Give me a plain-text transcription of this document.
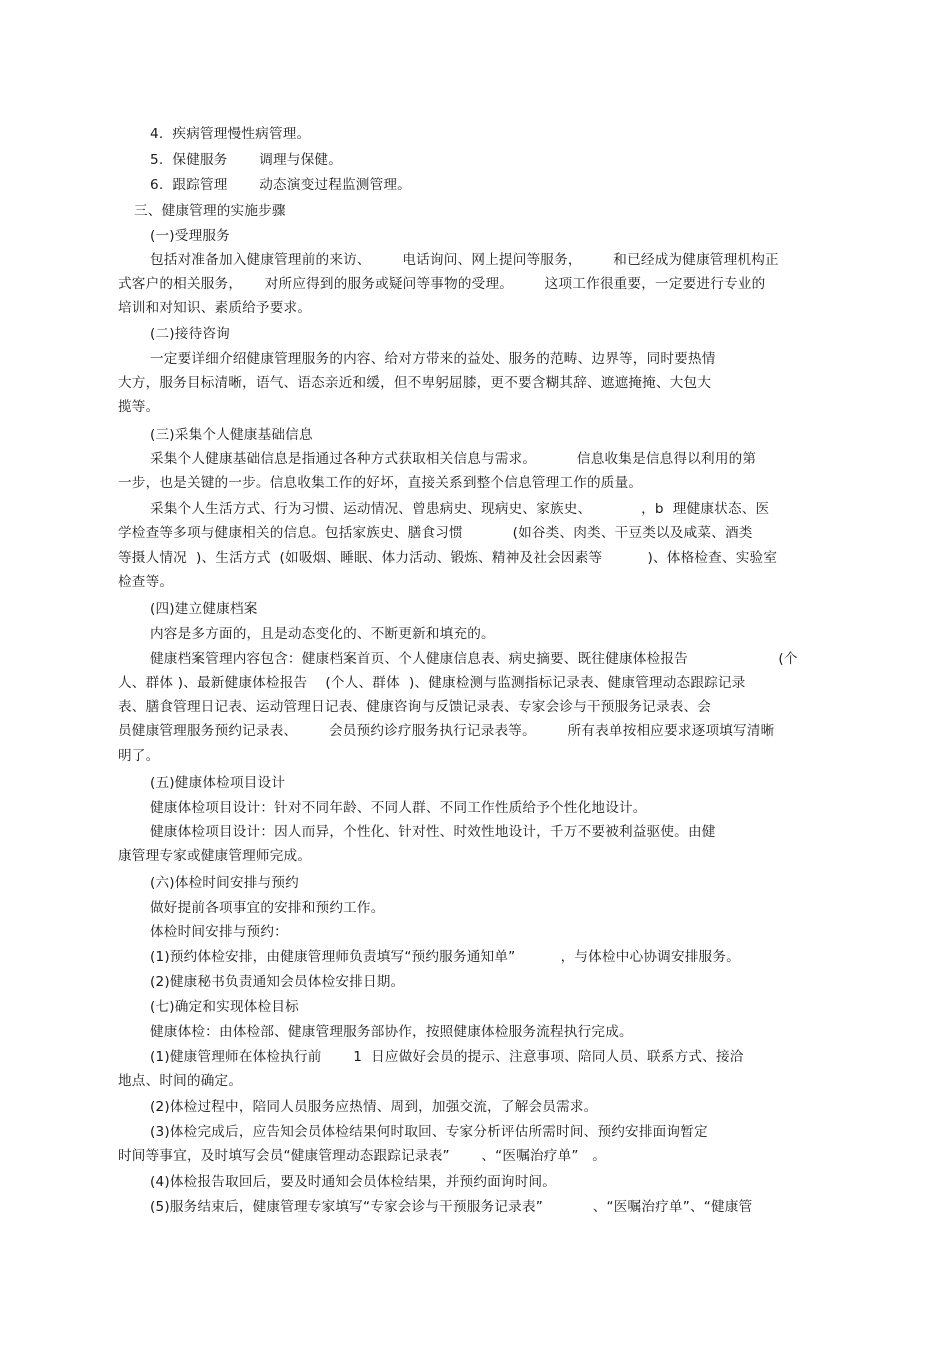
4.  疾病管理慢性病管理。

5.  保健服务       调理与保健。

6.  跟踪管理       动态演变过程监测管理。

三、健康管理的实施步骤

(一)受理服务

包括对准备加入健康管理前的来访、       电话询问、网上提问等服务，       和已经成为健康管理机构正

式客户的相关服务，     对所应得到的服务或疑问等事物的受理。       这项工作很重要，一定要进行专业的

培训和对知识、素质给予要求。

(二)接待咨询

一定要详细介绍健康管理服务的内容、给对方带来的益处、服务的范畴、边界等，同时要热情

大方，服务目标清晰，语气、语态亲近和缓，但不卑躬屈膝，更不要含糊其辞、遮遮掩掩、大包大

揽等。

(三)采集个人健康基础信息

采集个人健康基础信息是指通过各种方式获取相关信息与需求。         信息收集是信息得以利用的第

一步，也是关键的一步。信息收集工作的好坏，直接关系到整个信息管理工作的质量。

采集个人生活方式、行为习惯、运动情况、曾患病史、现病史、家族史、           ，b  理健康状态、医

学检查等多项与健康相关的信息。包括家族史、膳食习惯           (如谷类、肉类、干豆类以及咸菜、酒类

等摄人情况  )、生活方式  (如吸烟、睡眠、体力活动、锻炼、精神及社会因素等          )、体格检查、实验室

检查等。

(四)建立健康档案

内容是多方面的，且是动态变化的、不断更新和填充的。

健康档案管理内容包含：健康档案首页、个人健康信息表、病史摘要、既往健康体检报告                    (个

人、群体 )、最新健康体检报告    (个人、群体  )、健康检测与监测指标记录表、健康管理动态跟踪记录

表、膳食管理日记表、运动管理日记表、健康咨询与反馈记录表、专家会诊与干预服务记录表、会

员健康管理服务预约记录表、       会员预约诊疗服务执行记录表等。       所有表单按相应要求逐项填写清晰

明了。

(五)健康体检项目设计

健康体检项目设计：针对不同年龄、不同人群、不同工作性质给予个性化地设计。

健康体检项目设计：因人而异，个性化、针对性、时效性地设计，千万不要被利益驱使。由健

康管理专家或健康管理师完成。

(六)体检时间安排与预约

做好提前各项事宜的安排和预约工作。

体检时间安排与预约：

(1)预约体检安排，由健康管理师负责填写“预约服务通知单”          ，与体检中心协调安排服务。

(2)健康秘书负责通知会员体检安排日期。

(七)确定和实现体检目标

健康体检：由体检部、健康管理服务部协作，按照健康体检服务流程执行完成。

(1)健康管理师在体检执行前       1  日应做好会员的提示、注意事项、陪同人员、联系方式、接洽

地点、时间的确定。

(2)体检过程中，陪同人员服务应热情、周到，加强交流，了解会员需求。

(3)体检完成后，应告知会员体检结果何时取回、专家分析评估所需时间、预约安排面询暂定

时间等事宜，及时填写会员“健康管理动态跟踪记录表”       、“医嘱治疗单”   。

(4)体检报告取回后，要及时通知会员体检结果，并预约面询时间。

(5)服务结束后，健康管理专家填写“专家会诊与干预服务记录表”           、“医嘱治疗单”、“健康管
